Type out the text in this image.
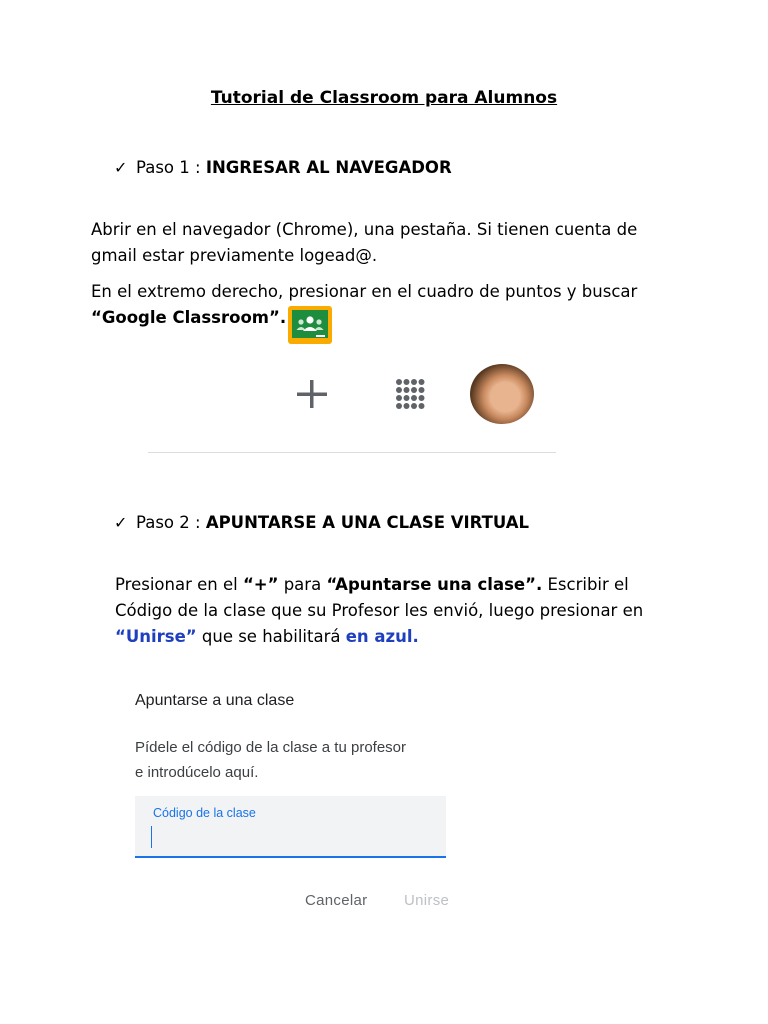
Tutorial de Classroom para Alumnos
✓ Paso 1 : INGRESAR AL NAVEGADOR
Abrir en el navegador (Chrome), una pestaña. Si tienen cuenta de gmail estar previamente logead@.
En el extremo derecho, presionar en el cuadro de puntos y buscar
“Google Classroom”.
✓ Paso 2 : APUNTARSE A UNA CLASE VIRTUAL
Presionar en el “+” para “Apuntarse una clase”. Escribir el Código de la clase que su Profesor les envió, luego presionar en “Unirse” que se habilitará en azul.
Apuntarse a una clase
Pídele el código de la clase a tu profesor
e introdúcelo aquí.
Código de la clase
Cancelar Unirse
